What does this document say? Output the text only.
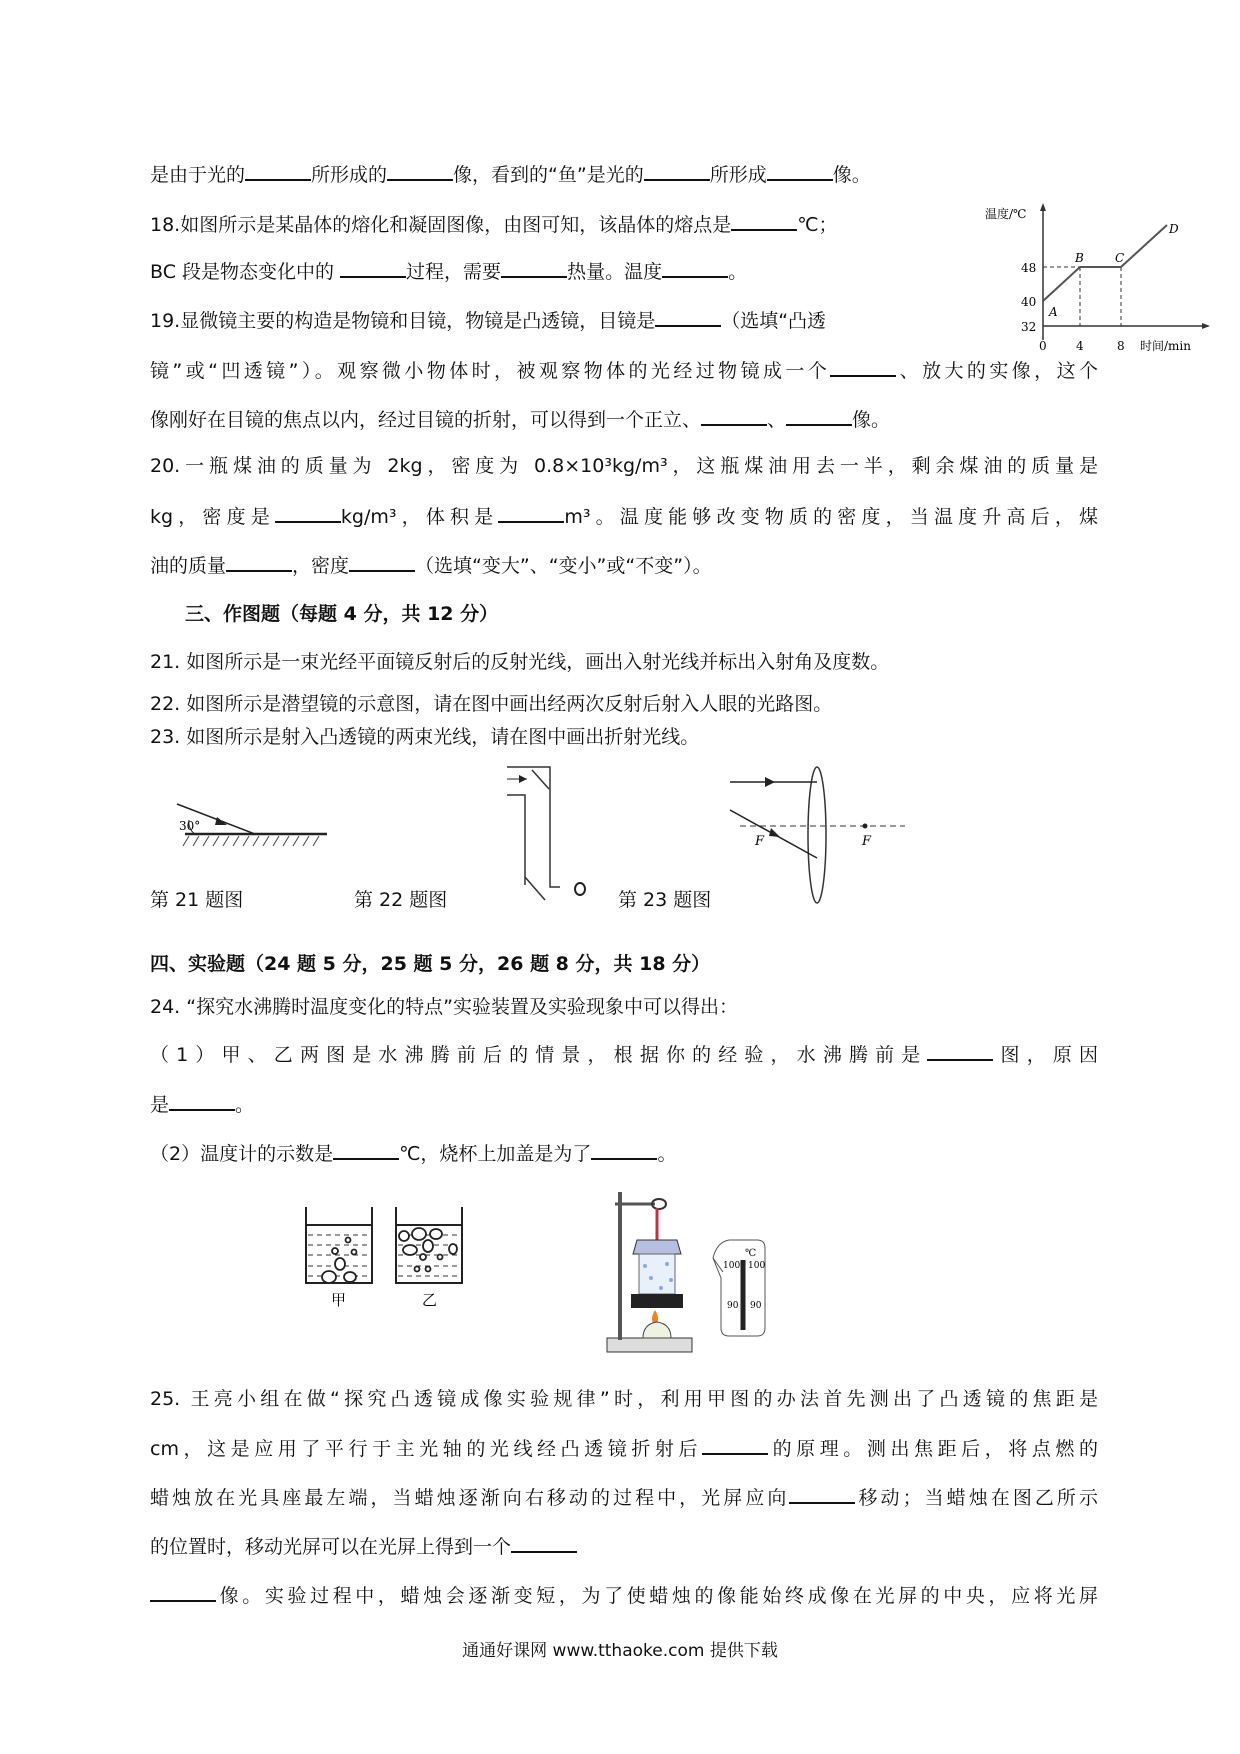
是由于光的	所形成的	像，看到的“鱼”是光的	所形成	像。
18.如图所示是某晶体的熔化和凝固图像，由图可知，该晶体的熔点是	℃；
BC 段是物态变化中的	过程，需要	热量。温度	。
19.显微镜主要的构造是物镜和目镜，物镜是凸透镜，目镜是	（选填“凸透
镜”或“凹透镜”）。观察微小物体时，被观察物体的光经过物镜成一个	、放大的实像，这个
像刚好在目镜的焦点以内，经过目镜的折射，可以得到一个正立、	、	像。
20.一瓶煤油的质量为 2kg，密度为 0.8×10³kg/m³，这瓶煤油用去一半，剩余煤油的质量是
kg，密度是	kg/m³，体积是	m³。温度能够改变物质的密度，当温度升高后，煤
油的质量	，密度	（选填“变大”、“变小”或“不变”）。
三、作图题（每题 4 分，共 12 分）
21. 如图所示是一束光经平面镜反射后的反射光线，画出入射光线并标出入射角及度数。
22. 如图所示是潜望镜的示意图，请在图中画出经两次反射后射入人眼的光路图。
23. 如图所示是射入凸透镜的两束光线，请在图中画出折射光线。
四、实验题（24 题 5 分，25 题 5 分，26 题 8 分，共 18 分）
24. “探究水沸腾时温度变化的特点”实验装置及实验现象中可以得出：
（1）甲、乙两图是水沸腾前后的情景，根据你的经验，水沸腾前是	图，原因
是	。
（2）温度计的示数是	℃，烧杯上加盖是为了	。
25. 王亮小组在做“探究凸透镜成像实验规律”时，利用甲图的办法首先测出了凸透镜的焦距是
cm，这是应用了平行于主光轴的光线经凸透镜折射后	的原理。测出焦距后，将点燃的
蜡烛放在光具座最左端，当蜡烛逐渐向右移动的过程中，光屏应向	移动；当蜡烛在图乙所示
的位置时，移动光屏可以在光屏上得到一个
像。实验过程中，蜡烛会逐渐变短，为了使蜡烛的像能始终成像在光屏的中央，应将光屏
温度/℃
48
40
32
0 4	8 时间/min
A
B	C
D
30°
第 21 题图	第 22 题图
F	F
第 23 题图
甲	乙
℃
100 100
90 90
通通好课网 www.tthaoke.com 提供下载
